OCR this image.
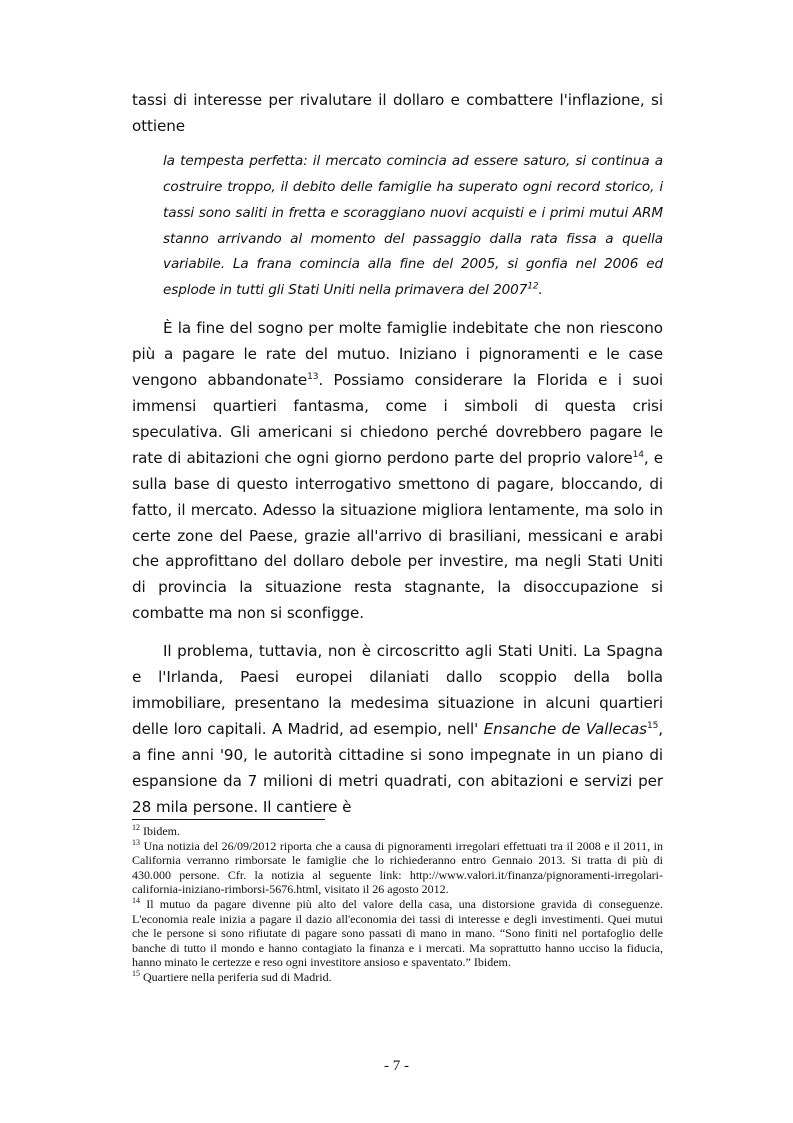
tassi di interesse per rivalutare il dollaro e combattere l'inflazione, si ottiene

la tempesta perfetta: il mercato comincia ad essere saturo, si continua a costruire troppo, il debito delle famiglie ha superato ogni record storico, i tassi sono saliti in fretta e scoraggiano nuovi acquisti e i primi mutui ARM stanno arrivando al momento del passaggio dalla rata fissa a quella variabile. La frana comincia alla fine del 2005, si gonfia nel 2006 ed esplode in tutti gli Stati Uniti nella primavera del 2007$^{12}$.

È la fine del sogno per molte famiglie indebitate che non riescono più a pagare le rate del mutuo. Iniziano i pignoramenti e le case vengono abbandonate$^{13}$. Possiamo considerare la Florida e i suoi immensi quartieri fantasma, come i simboli di questa crisi speculativa. Gli americani si chiedono perché dovrebbero pagare le rate di abitazioni che ogni giorno perdono parte del proprio valore$^{14}$, e sulla base di questo interrogativo smettono di pagare, bloccando, di fatto, il mercato. Adesso la situazione migliora lentamente, ma solo in certe zone del Paese, grazie all'arrivo di brasiliani, messicani e arabi che approfittano del dollaro debole per investire, ma negli Stati Uniti di provincia la situazione resta stagnante, la disoccupazione si combatte ma non si sconfigge.

Il problema, tuttavia, non è circoscritto agli Stati Uniti. La Spagna e l'Irlanda, Paesi europei dilaniati dallo scoppio della bolla immobiliare, presentano la medesima situazione in alcuni quartieri delle loro capitali. A Madrid, ad esempio, nell' Ensanche de Vallecas$^{15}$, a fine anni '90, le autorità cittadine si sono impegnate in un piano di espansione da 7 milioni di metri quadrati, con abitazioni e servizi per 28 mila persone. Il cantiere è

$^{12}$ Ibidem.

$^{13}$ Una notizia del 26/09/2012 riporta che a causa di pignoramenti irregolari effettuati tra il 2008 e il 2011, in California verranno rimborsate le famiglie che lo richiederanno entro Gennaio 2013. Si tratta di più di 430.000 persone. Cfr. la notizia al seguente link: http://www.valori.it/finanza/pignoramenti-irregolari-california-iniziano-rimborsi-5676.html, visitato il 26 agosto 2012.

$^{14}$ Il mutuo da pagare divenne più alto del valore della casa, una distorsione gravida di conseguenze. L'economia reale inizia a pagare il dazio all'economia dei tassi di interesse e degli investimenti. Quei mutui che le persone si sono rifiutate di pagare sono passati di mano in mano. “Sono finiti nel portafoglio delle banche di tutto il mondo e hanno contagiato la finanza e i mercati. Ma soprattutto hanno ucciso la fiducia, hanno minato le certezze e reso ogni investitore ansioso e spaventato.” Ibidem.

$^{15}$ Quartiere nella periferia sud di Madrid.

- 7 -
